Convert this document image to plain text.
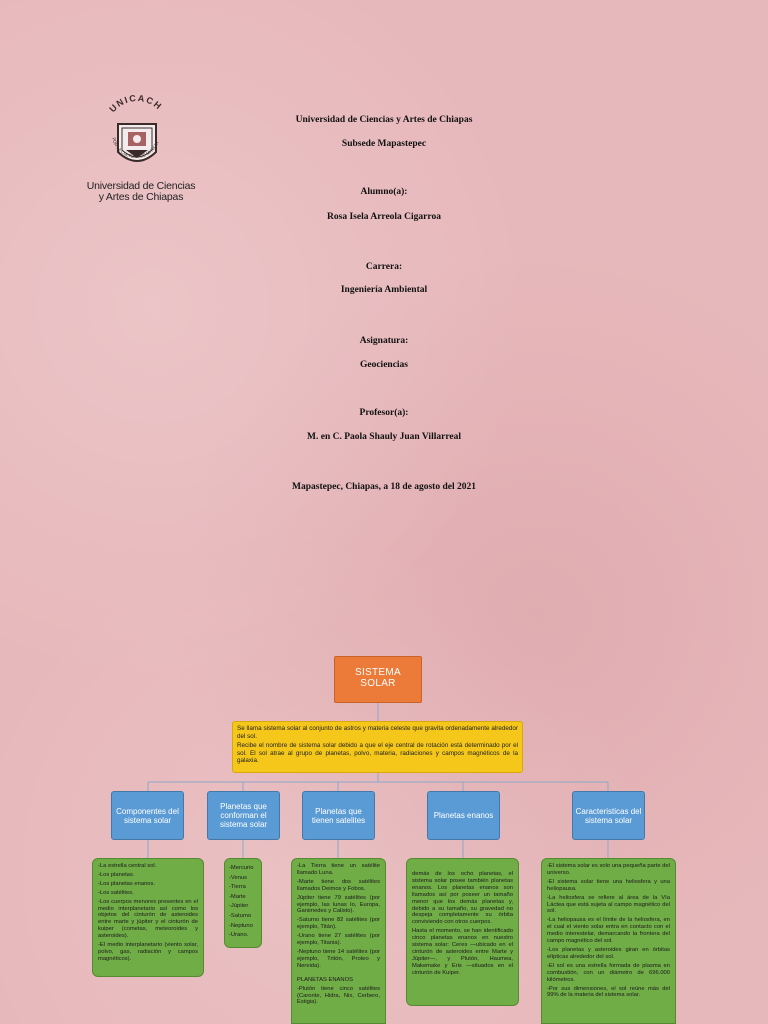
UNICACH
POR LA CULTURA DE MI RAZA
Universidad de Ciencias
y Artes de Chiapas
Universidad de Ciencias y Artes de Chiapas
Subsede Mapastepec
Alumno(a):
Rosa Isela Arreola Cigarroa
Carrera:
Ingeniería Ambiental
Asignatura:
Geociencias
Profesor(a):
M. en C. Paola Shauly Juan Villarreal
Mapastepec, Chiapas, a 18 de agosto del 2021
SISTEMA
SOLAR

Se llama sistema solar al conjunto de astros y materia celeste que gravita ordenadamente alrededor del sol.

Recibe el nombre de sistema solar debido a que el eje central de rotación está determinado por el sol. El sol atrae al grupo de planetas, polvo, materia, radiaciones y campos magnéticos de la galaxia.

Componentes del sistema solar
Planetas que conforman el sistema solar
Planetas que tienen satelites	Planetas enanos	Caracteristicas del sistema solar

-La estrella central sol.

-Los planetas.

-Los planetas enanos.

-Los satélites.

-Los cuerpos menores presentes en el medio interplanetario así como los objetos del cinturón de asteroides entre marte y júpiter y el cinturón de kuiper (cometas, meteoroides y asteroides).

-El medio interplanetario (viento solar, polvo, gas, radiación y campos magnéticos).

-Mercurio
-Venus
-Tierra
-Marte
-Júpiter
-Saturno
-Neptuno
-Urano.

-La Tierra tiene un satélite llamado Luna.

-Marte tiene dos satélites llamados Deimos y Fobos.

Júpiter tiene 79 satélites (por ejemplo, las lunas Io, Europa, Ganimedes y Calisto).

-Saturno tiene 82 satélites (por ejemplo, Titán).

-Urano tiene 27 satélites (por ejemplo, Titania).

-Neptuno tiene 14 satélites (por ejemplo, Tritón, Proteo y Nereida).

PLANETAS ENANOS

-Plutón tiene cinco satélites (Caronte, Hidra, Nix, Cerbero, Estigia).

demás de los ocho planetas, el sistema solar posee también planetas enanos. Los planetas enanos son llamados así por poseer un tamaño menor que los demás planetas y, debido a su tamaño, su gravedad no despeja completamente su órbita conviviendo con otros cuerpos.

Hasta el momento, se han identificado cinco planetas enanos en nuestro sistema solar: Ceres —ubicado en el cinturón de asteroides entre Marte y Júpiter—, y Plutón, Haumea, Makemake y Eris —situados en el cinturón de Kuiper.

-El sistema solar es solo una pequeña parte del universo.

-El sistema solar tiene una heliosfera y una heliopausa.

-La heliosfera se refiere al área de la Vía Láctea que está sujeta al campo magnético del sol.

-La heliopausa es el límite de la heliosfera, en el cual el viento solar entra en contacto con el medio interestelar, demarcando la frontera del campo magnético del sol.

-Los planetas y asteroides giran en órbitas elípticas alrededor del sol.

-El sol es una estrella formada de plasma en combustión, con un diámetro de 696.000 kilómetros.

-Por sus dimensiones, el sol reúne más del 99% de la materia del sistema solar.
